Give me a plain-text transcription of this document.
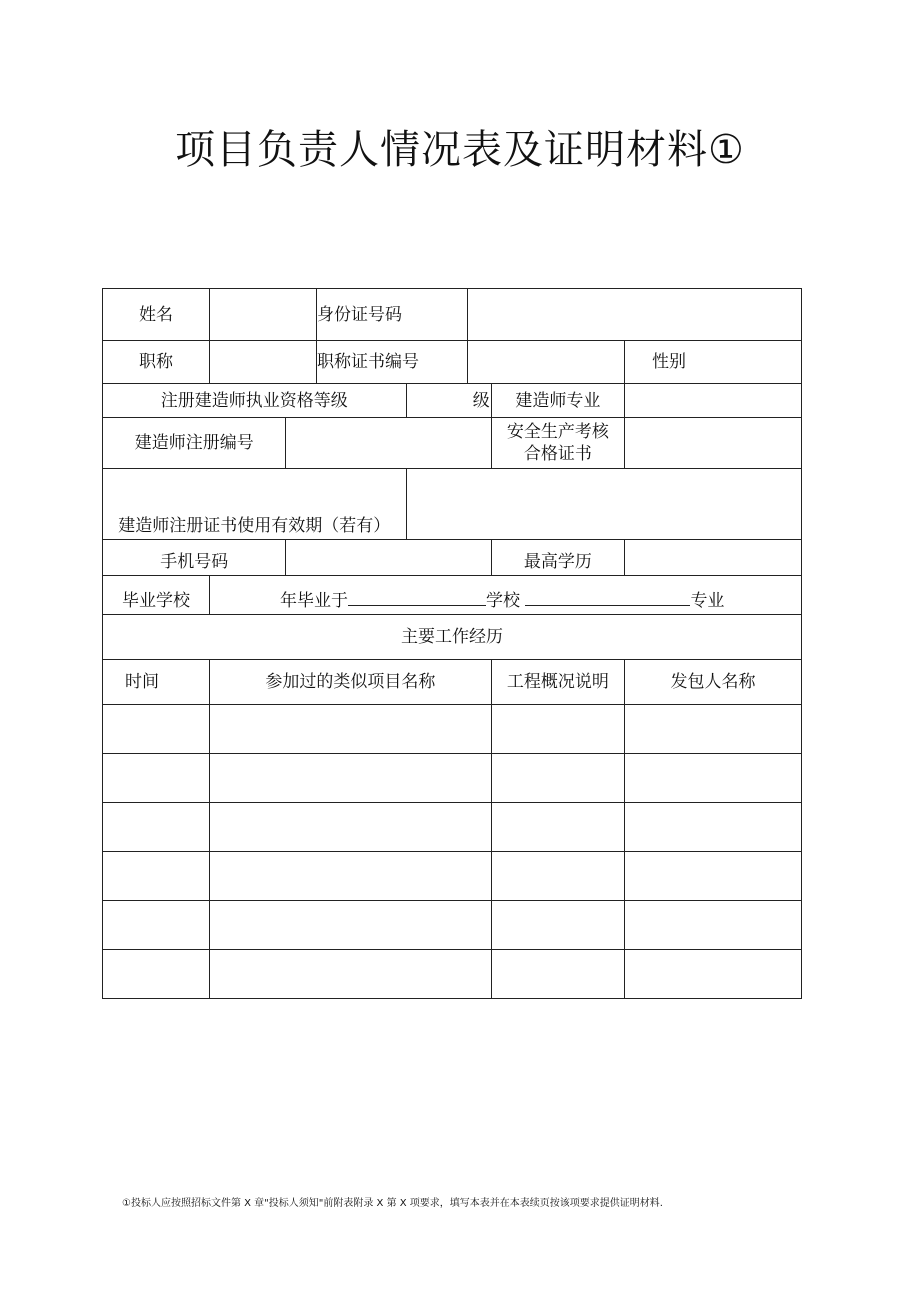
项目负责人情况表及证明材料①
姓名			身份证号码				
职称			职称证书编号				性别
注册建造师执业资格等级				级		建造师专业	
建造师注册编号						安全生产考核
合格证书	

建造师注册证书使用有效期（若有）							
手机号码						最高学历	
毕业学校	年毕业于 学校 专业						
主要工作经历							
时间	参加过的类似项目名称					工程概况说明	发包人名称

①投标人应按照招标文件第 X 章"投标人须知"前附表附录 X 第 X 项要求，填写本表并在本表续页按该项要求提供证明材料.
